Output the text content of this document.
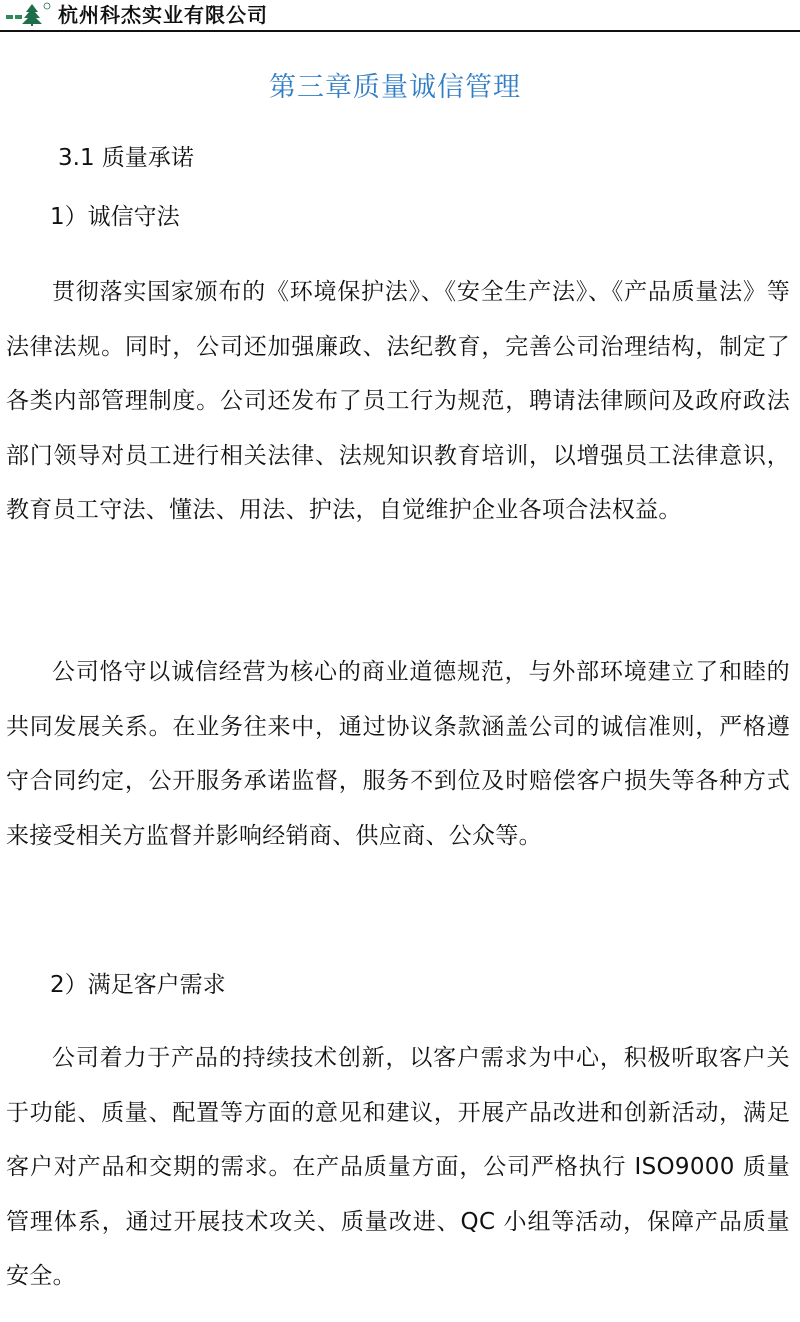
杭州科杰实业有限公司
第三章质量诚信管理
3.1 质量承诺
1）诚信守法
贯彻落实国家颁布的《环境保护法》、《安全生产法》、《产品质量法》等法律法规。同时，公司还加强廉政、法纪教育，完善公司治理结构，制定了各类内部管理制度。公司还发布了员工行为规范，聘请法律顾问及政府政法部门领导对员工进行相关法律、法规知识教育培训，以增强员工法律意识，教育员工守法、懂法、用法、护法，自觉维护企业各项合法权益。
公司恪守以诚信经营为核心的商业道德规范，与外部环境建立了和睦的共同发展关系。在业务往来中，通过协议条款涵盖公司的诚信准则，严格遵守合同约定，公开服务承诺监督，服务不到位及时赔偿客户损失等各种方式来接受相关方监督并影响经销商、供应商、公众等。
2）满足客户需求
公司着力于产品的持续技术创新，以客户需求为中心，积极听取客户关于功能、质量、配置等方面的意见和建议，开展产品改进和创新活动，满足客户对产品和交期的需求。在产品质量方面，公司严格执行 ISO9000 质量管理体系，通过开展技术攻关、质量改进、QC 小组等活动，保障产品质量安全。
